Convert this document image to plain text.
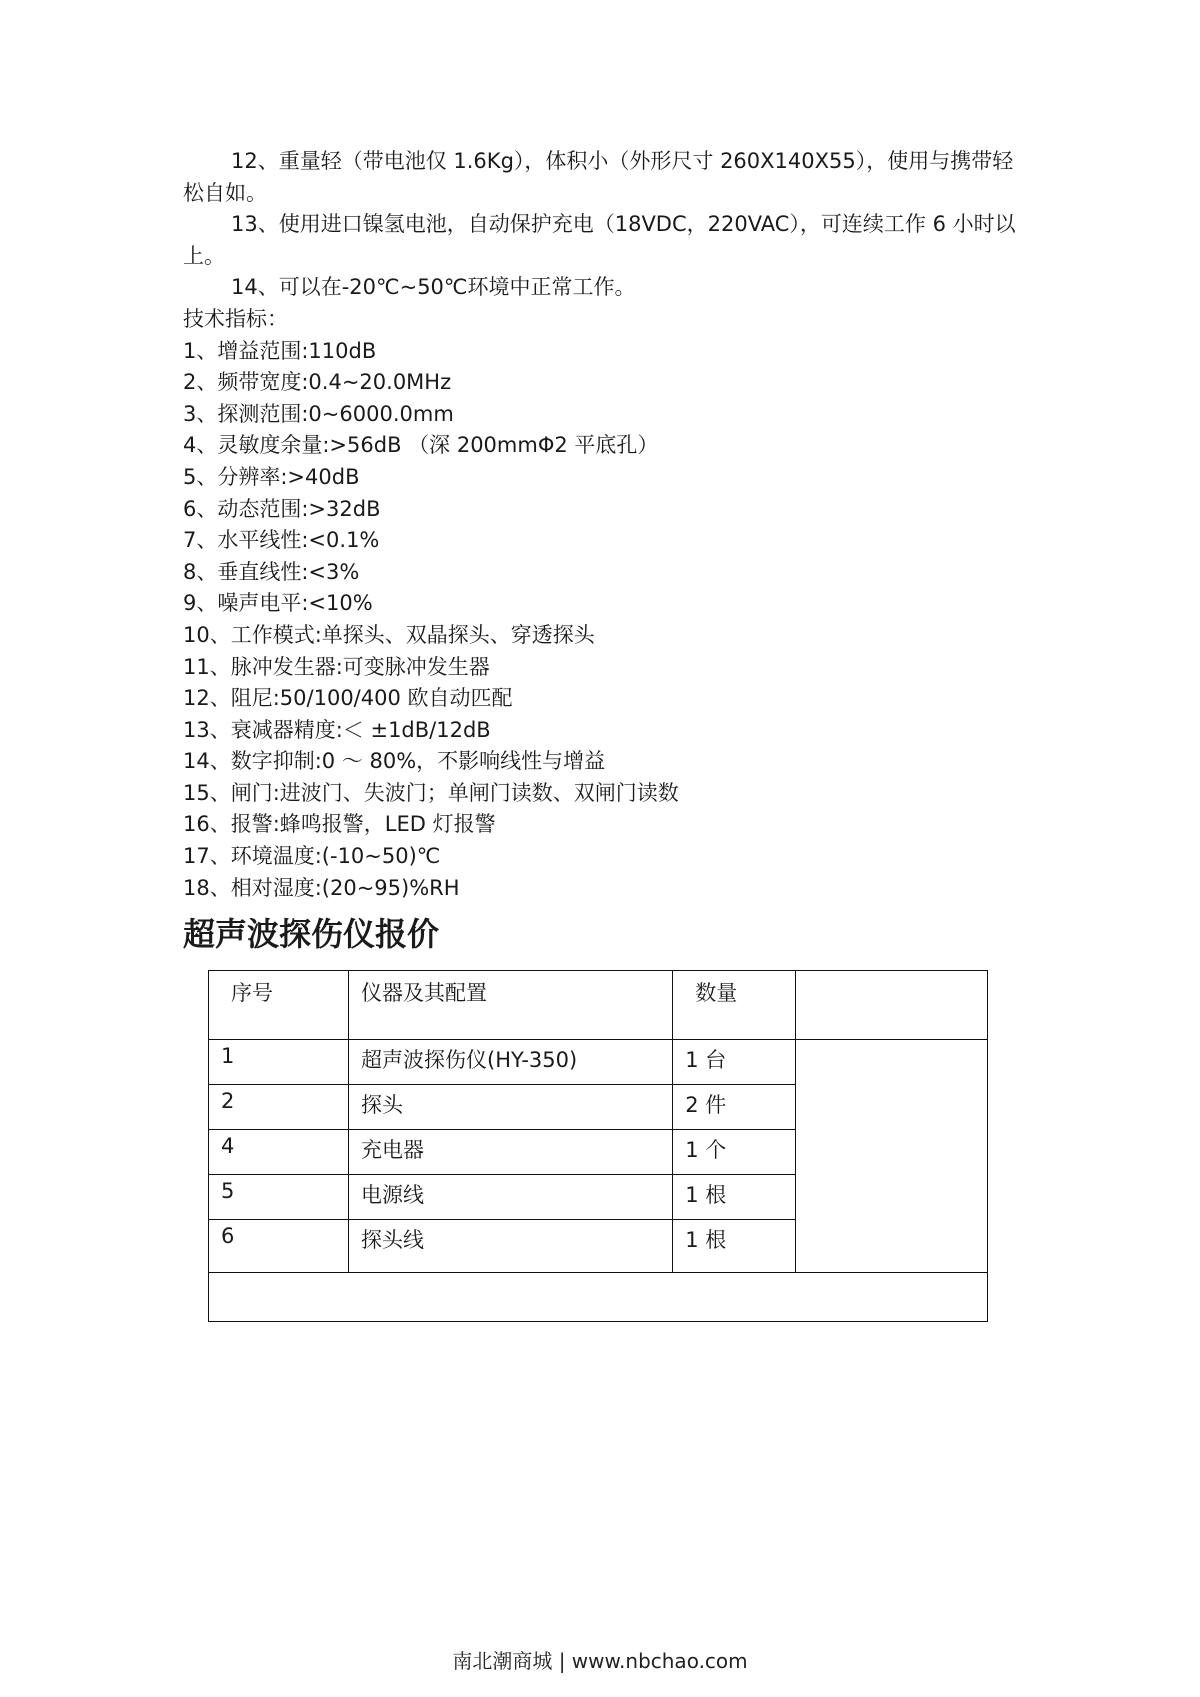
12、重量轻（带电池仅 1.6Kg），体积小（外形尺寸 260X140X55），使用与携带轻松自如。

13、使用进口镍氢电池，自动保护充电（18VDC，220VAC），可连续工作 6 小时以上。

14、可以在-20℃~50℃环境中正常工作。

技术指标：

1、增益范围:110dB

2、频带宽度:0.4~20.0MHz

3、探测范围:0~6000.0mm

4、灵敏度余量:>56dB （深 200mmΦ2 平底孔）

5、分辨率:>40dB

6、动态范围:>32dB

7、水平线性:<0.1%

8、垂直线性:<3%

9、噪声电平:<10%

10、工作模式:单探头、双晶探头、穿透探头

11、脉冲发生器:可变脉冲发生器

12、阻尼:50/100/400 欧自动匹配

13、衰减器精度:＜ ±1dB/12dB

14、数字抑制:0 ～ 80%，不影响线性与增益

15、闸门:进波门、失波门；单闸门读数、双闸门读数

16、报警:蜂鸣报警，LED 灯报警

17、环境温度:(-10~50)℃

18、相对湿度:(20~95)%RH

超声波探伤仪报价
序号	仪器及其配置	数量	
1	超声波探伤仪(HY-350)	1 台	
2	探头	2 件	
4	充电器	1 个	
5	电源线	1 根	
6	探头线	1 根	

南北潮商城 | www.nbchao.com
